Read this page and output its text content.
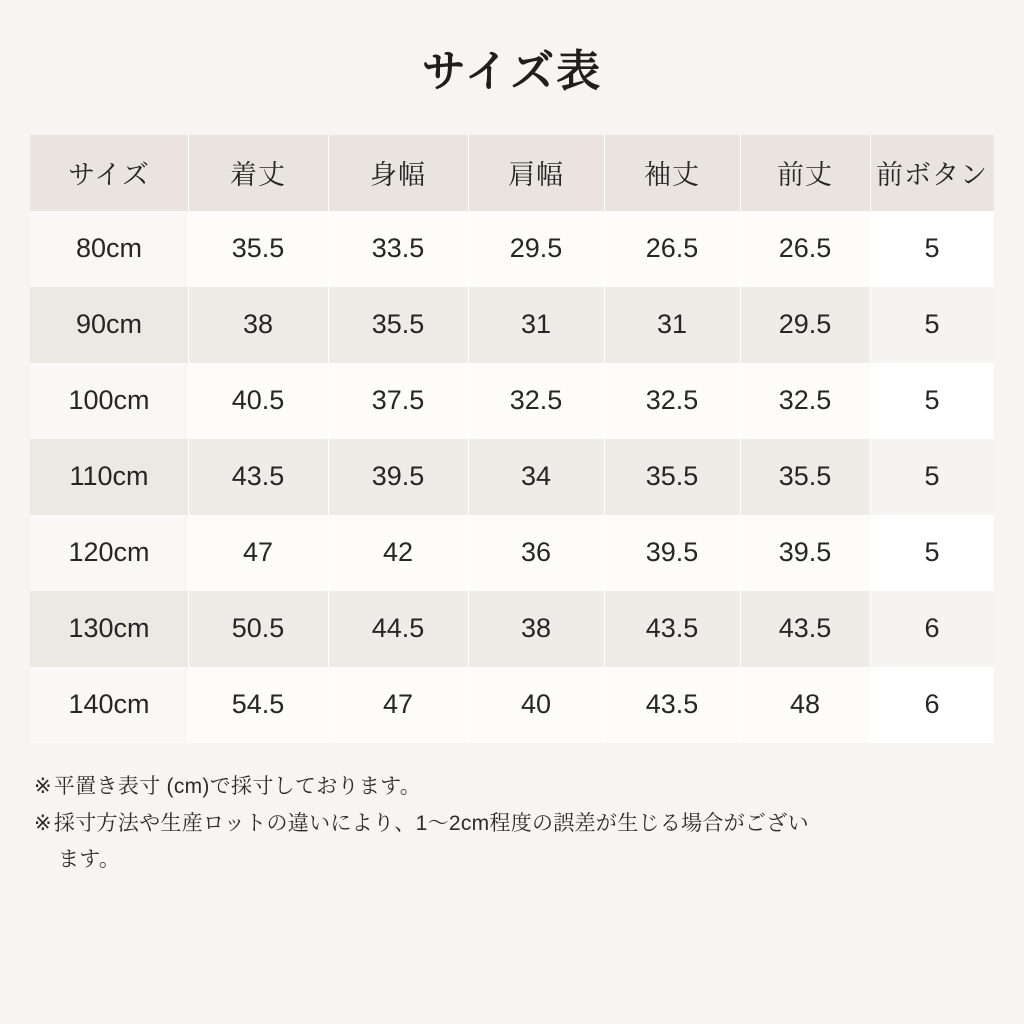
サイズ表
サイズ	着丈	身幅	肩幅	袖丈	前丈	前ボタン
80cm	35.5	33.5	29.5	26.5	26.5	5
90cm	38	35.5	31	31	29.5	5
100cm	40.5	37.5	32.5	32.5	32.5	5
110cm	43.5	39.5	34	35.5	35.5	5
120cm	47	42	36	39.5	39.5	5
130cm	50.5	44.5	38	43.5	43.5	6
140cm	54.5	47	40	43.5	48	6
※ 平置き表寸 (cm)で採寸しております。
※ 採寸方法や生産ロットの違いにより、1〜2cm程度の誤差が生じる場合がござい

ます。
